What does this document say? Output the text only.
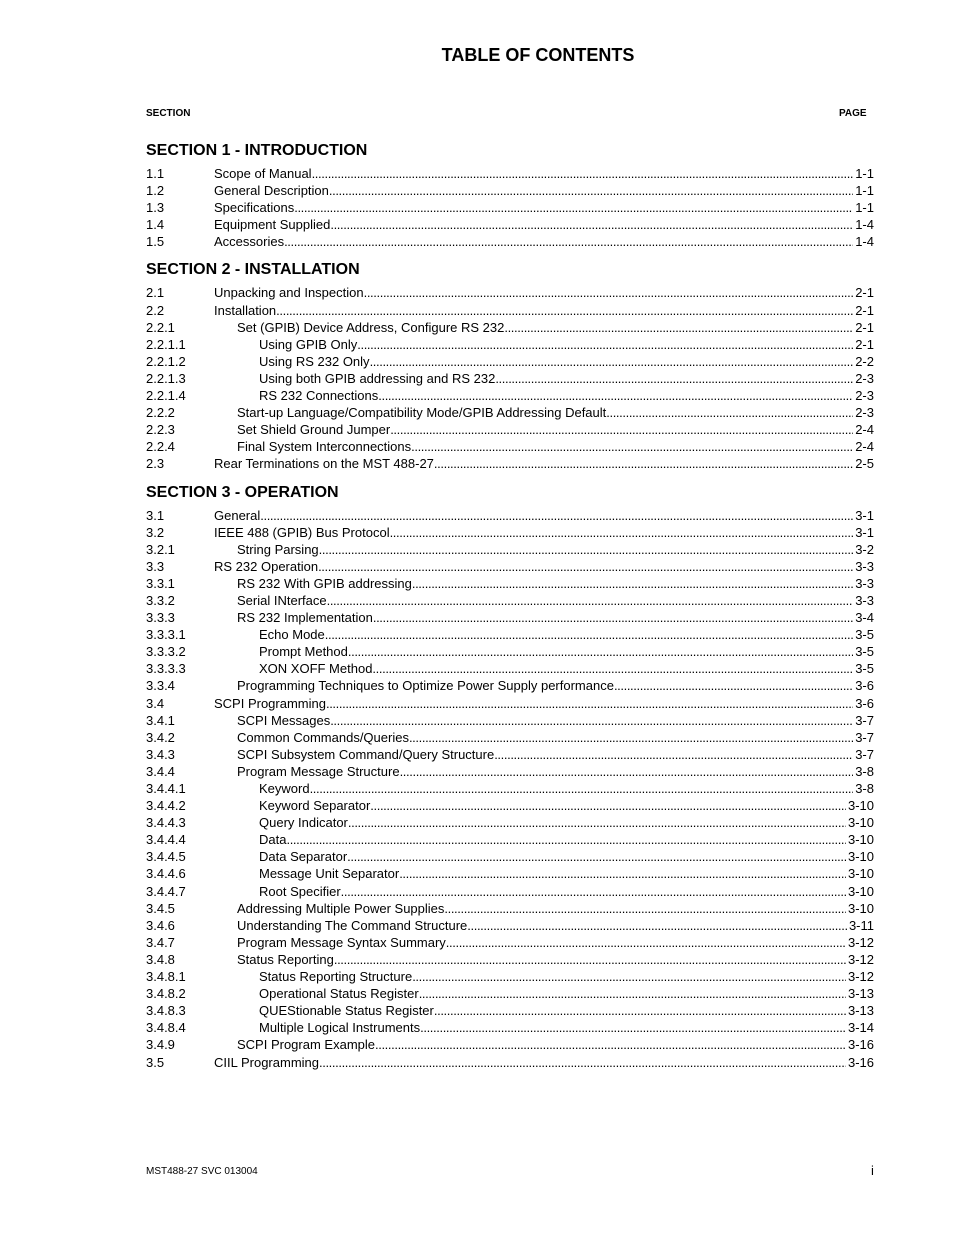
TABLE OF CONTENTS
SECTION	PAGE
SECTION 1 - INTRODUCTION
1.1	Scope of Manual . . .	1-1
1.2	General Description . . .	1-1
1.3	Specifications . . .	1-1
1.4	Equipment Supplied . . .	1-4
1.5	Accessories . . .	1-4
SECTION 2 - INSTALLATION
2.1	Unpacking and Inspection . . .	2-1
2.2	Installation . . .	2-1
2.2.1	Set (GPIB) Device Address, Configure RS 232 . . .	2-1
2.2.1.1	Using GPIB Only . . .	2-1
2.2.1.2	Using RS 232 Only . . .	2-2
2.2.1.3	Using both GPIB addressing and RS 232 . . .	2-3
2.2.1.4	RS 232 Connections . . .	2-3
2.2.2	Start-up Language/Compatibility Mode/GPIB Addressing Default . . .	2-3
2.2.3	Set Shield Ground Jumper . . .	2-4
2.2.4	Final System Interconnections . . .	2-4
2.3	Rear Terminations on the MST 488-27 . . .	2-5
SECTION 3 - OPERATION
3.1	General . . .	3-1
3.2	IEEE 488 (GPIB) Bus Protocol . . .	3-1
3.2.1	String Parsing . . .	3-2
3.3	RS 232 Operation . . .	3-3
3.3.1	RS 232 With GPIB addressing . . .	3-3
3.3.2	Serial INterface . . .	3-3
3.3.3	RS 232 Implementation . . .	3-4
3.3.3.1	Echo Mode . . .	3-5
3.3.3.2	Prompt Method . . .	3-5
3.3.3.3	XON XOFF Method . . .	3-5
3.3.4	Programming Techniques to Optimize Power Supply performance . . .	3-6
3.4	SCPI Programming . . .	3-6
3.4.1	SCPI Messages . . .	3-7
3.4.2	Common Commands/Queries . . .	3-7
3.4.3	SCPI Subsystem Command/Query Structure . . .	3-7
3.4.4	Program Message Structure . . .	3-8
3.4.4.1	Keyword . . .	3-8
3.4.4.2	Keyword Separator . . .	3-10
3.4.4.3	Query Indicator . . .	3-10
3.4.4.4	Data . . .	3-10
3.4.4.5	Data Separator . . .	3-10
3.4.4.6	Message Unit Separator . . .	3-10
3.4.4.7	Root Specifier . . .	3-10
3.4.5	Addressing Multiple Power Supplies . . .	3-10
3.4.6	Understanding The Command Structure . . .	3-11
3.4.7	Program Message Syntax Summary . . .	3-12
3.4.8	Status Reporting . . .	3-12
3.4.8.1	Status Reporting Structure . . .	3-12
3.4.8.2	Operational Status Register . . .	3-13
3.4.8.3	QUEStionable Status Register . . .	3-13
3.4.8.4	Multiple Logical Instruments . . .	3-14
3.4.9	SCPI Program Example . . .	3-16
3.5	CIIL Programming . . .	3-16
MST488-27 SVC 013004	i
